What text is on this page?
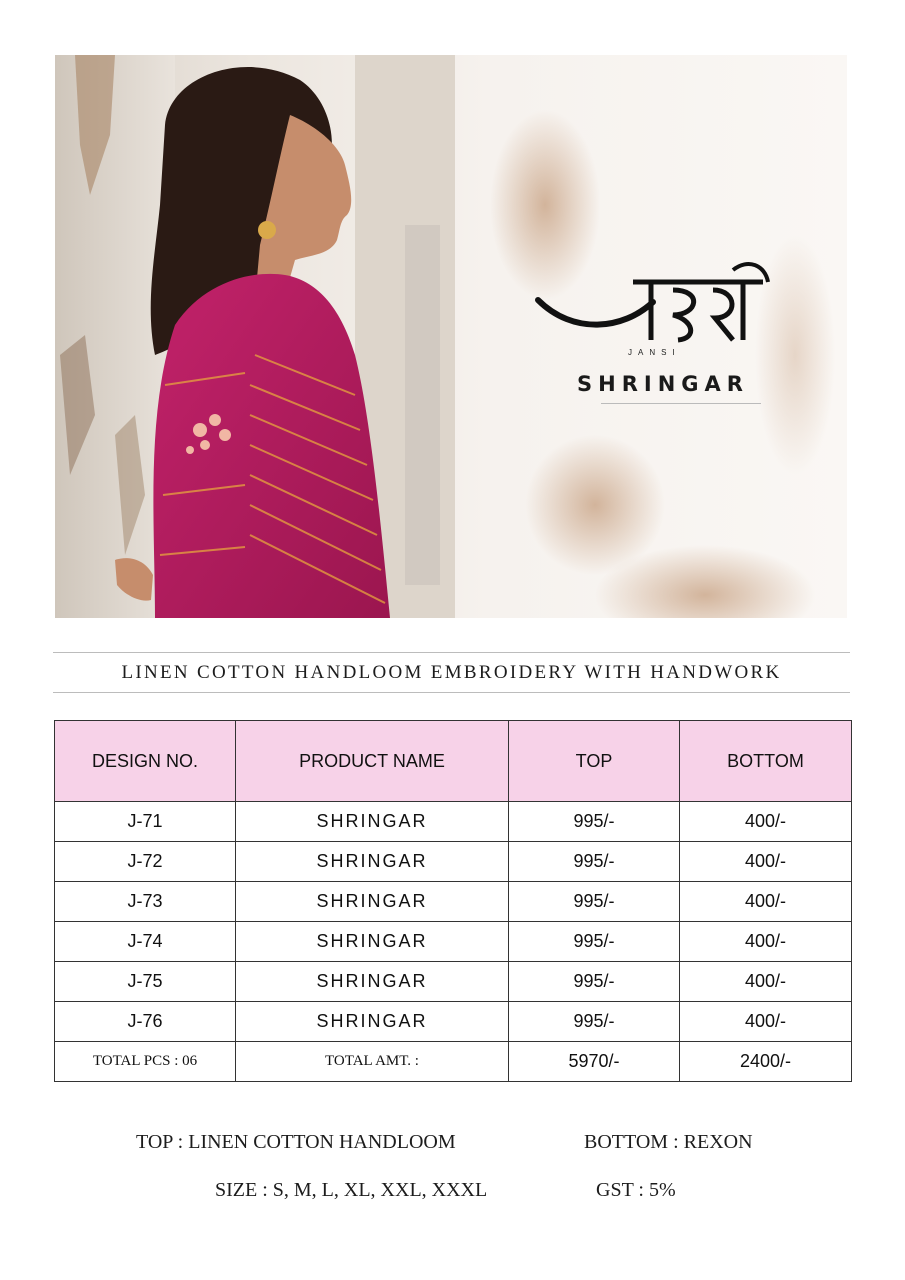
JANSI
SHRINGAR
LINEN COTTON HANDLOOM EMBROIDERY WITH HANDWORK
DESIGN NO.	PRODUCT NAME	TOP	BOTTOM
J-71	SHRINGAR	995/-	400/-
J-72	SHRINGAR	995/-	400/-
J-73	SHRINGAR	995/-	400/-
J-74	SHRINGAR	995/-	400/-
J-75	SHRINGAR	995/-	400/-
J-76	SHRINGAR	995/-	400/-
TOTAL PCS : 06	TOTAL AMT. :	5970/-	2400/-
TOP : LINEN COTTON HANDLOOM	BOTTOM : REXON
SIZE : S, M, L, XL, XXL, XXXL	GST : 5%
